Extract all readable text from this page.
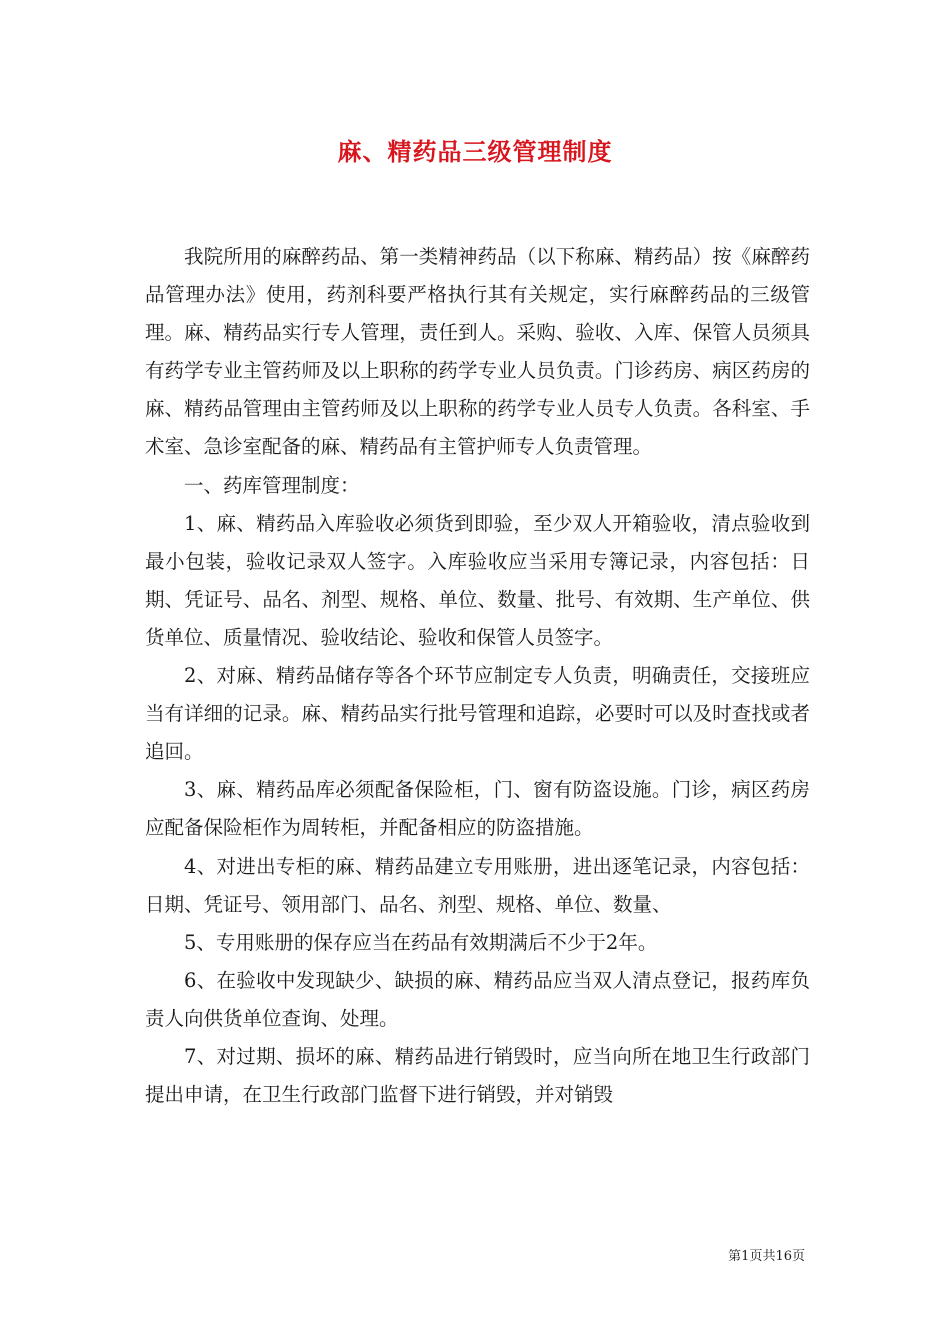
麻、精药品三级管理制度

我院所用的麻醉药品、第一类精神药品（以下称麻、精药品）按《麻醉药品管理办法》使用，药剂科要严格执行其有关规定，实行麻醉药品的三级管理。麻、精药品实行专人管理，责任到人。采购、验收、入库、保管人员须具有药学专业主管药师及以上职称的药学专业人员负责。门诊药房、病区药房的麻、精药品管理由主管药师及以上职称的药学专业人员专人负责。各科室、手术室、急诊室配备的麻、精药品有主管护师专人负责管理。

一、药库管理制度：

1、麻、精药品入库验收必须货到即验，至少双人开箱验收，清点验收到最小包装，验收记录双人签字。入库验收应当采用专簿记录，内容包括：日期、凭证号、品名、剂型、规格、单位、数量、批号、有效期、生产单位、供货单位、质量情况、验收结论、验收和保管人员签字。

2、对麻、精药品储存等各个环节应制定专人负责，明确责任，交接班应当有详细的记录。麻、精药品实行批号管理和追踪，必要时可以及时查找或者追回。

3、麻、精药品库必须配备保险柜，门、窗有防盗设施。门诊，病区药房应配备保险柜作为周转柜，并配备相应的防盗措施。

4、对进出专柜的麻、精药品建立专用账册，进出逐笔记录，内容包括：日期、凭证号、领用部门、品名、剂型、规格、单位、数量、

5、专用账册的保存应当在药品有效期满后不少于2年。

6、在验收中发现缺少、缺损的麻、精药品应当双人清点登记，报药库负责人向供货单位查询、处理。

7、对过期、损坏的麻、精药品进行销毁时，应当向所在地卫生行政部门提出申请，在卫生行政部门监督下进行销毁，并对销毁

第1页共16页
